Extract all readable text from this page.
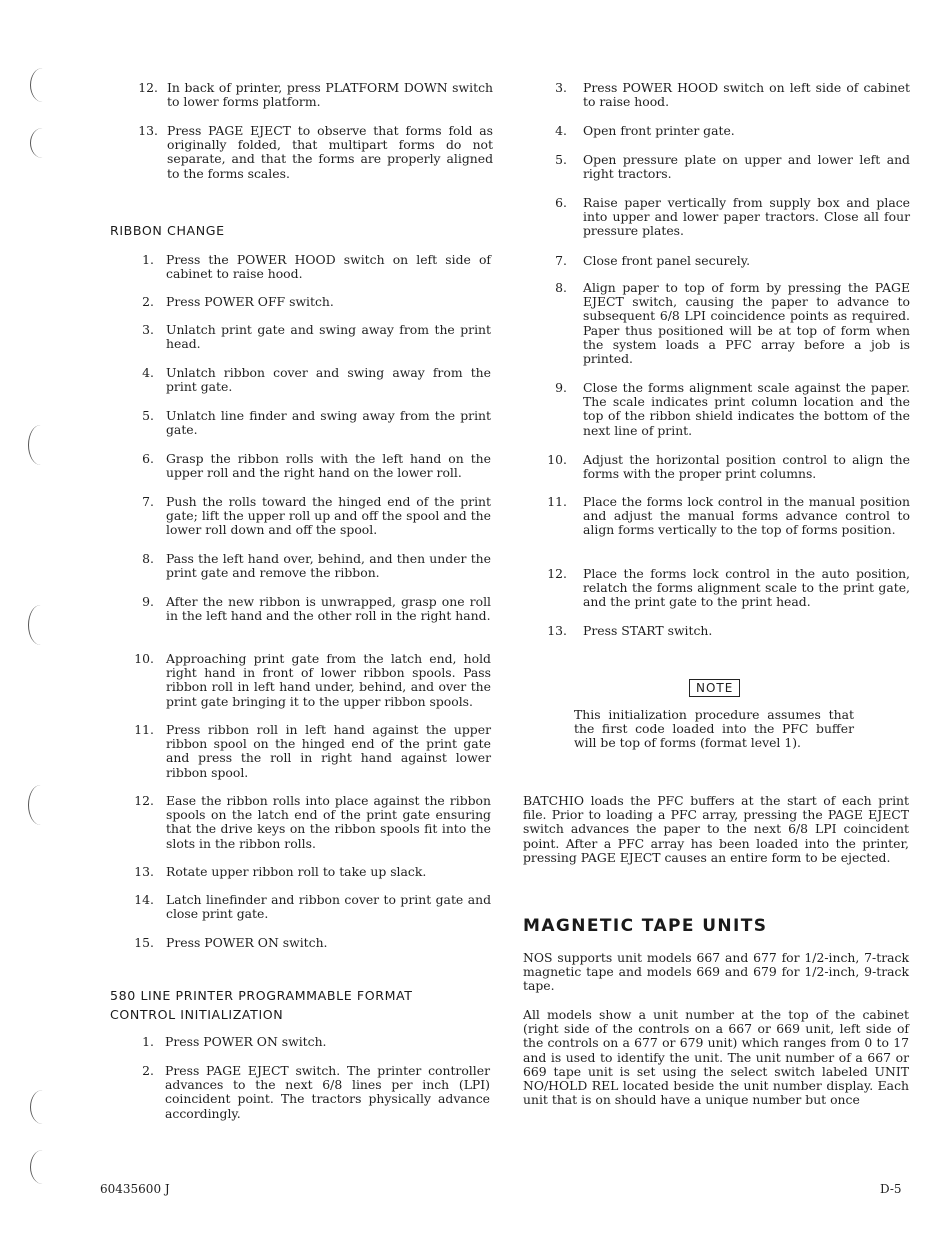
12. In back of printer, press PLATFORM DOWN switch to lower forms platform.
13. Press PAGE EJECT to observe that forms fold as originally folded, that multipart forms do not separate, and that the forms are properly aligned to the forms scales.
RIBBON CHANGE
1. Press the POWER HOOD switch on left side of cabinet to raise hood.
2. Press POWER OFF switch.
3. Unlatch print gate and swing away from the print head.
4. Unlatch ribbon cover and swing away from the print gate.
5. Unlatch line finder and swing away from the print gate.
6. Grasp the ribbon rolls with the left hand on the upper roll and the right hand on the lower roll.
7. Push the rolls toward the hinged end of the print gate; lift the upper roll up and off the spool and the lower roll down and off the spool.
8. Pass the left hand over, behind, and then under the print gate and remove the ribbon.
9. After the new ribbon is unwrapped, grasp one roll in the left hand and the other roll in the right hand.
10. Approaching print gate from the latch end, hold right hand in front of lower ribbon spools. Pass ribbon roll in left hand under, behind, and over the print gate bringing it to the upper ribbon spools.
11. Press ribbon roll in left hand against the upper ribbon spool on the hinged end of the print gate and press the roll in right hand against lower ribbon spool.
12. Ease the ribbon rolls into place against the ribbon spools on the latch end of the print gate ensuring that the drive keys on the ribbon spools fit into the slots in the ribbon rolls.
13. Rotate upper ribbon roll to take up slack.
14. Latch linefinder and ribbon cover to print gate and close print gate.
15. Press POWER ON switch.
580 LINE PRINTER PROGRAMMABLE FORMAT
CONTROL INITIALIZATION
1. Press POWER ON switch.
2. Press PAGE EJECT switch. The printer controller advances to the next 6/8 lines per inch (LPI) coincident point. The tractors physically advance accordingly.
3. Press POWER HOOD switch on left side of cabinet to raise hood.
4. Open front printer gate.
5. Open pressure plate on upper and lower left and right tractors.
6. Raise paper vertically from supply box and place into upper and lower paper tractors. Close all four pressure plates.
7. Close front panel securely.
8. Align paper to top of form by pressing the PAGE EJECT switch, causing the paper to advance to subsequent 6/8 LPI coincidence points as required. Paper thus positioned will be at top of form when the system loads a PFC array before a job is printed.
9. Close the forms alignment scale against the paper. The scale indicates print column location and the top of the ribbon shield indicates the bottom of the next line of print.
10. Adjust the horizontal position control to align the forms with the proper print columns.
11. Place the forms lock control in the manual position and adjust the manual forms advance control to align forms vertically to the top of forms position.
12. Place the forms lock control in the auto position, relatch the forms alignment scale to the print gate, and the print gate to the print head.
13. Press START switch.
NOTE
This initialization procedure assumes that the first code loaded into the PFC buffer will be top of forms (format level 1).
BATCHIO loads the PFC buffers at the start of each print file. Prior to loading a PFC array, pressing the PAGE EJECT switch advances the paper to the next 6/8 LPI coincident point. After a PFC array has been loaded into the printer, pressing PAGE EJECT causes an entire form to be ejected.
MAGNETIC TAPE UNITS
NOS supports unit models 667 and 677 for 1/2-inch, 7-track magnetic tape and models 669 and 679 for 1/2-inch, 9-track tape.
All models show a unit number at the top of the cabinet (right side of the controls on a 667 or 669 unit, left side of the controls on a 677 or 679 unit) which ranges from 0 to 17 and is used to identify the unit. The unit number of a 667 or 669 tape unit is set using the select switch labeled UNIT NO/HOLD REL located beside the unit number display. Each unit that is on should have a unique number but once
60435600 J	D-5
